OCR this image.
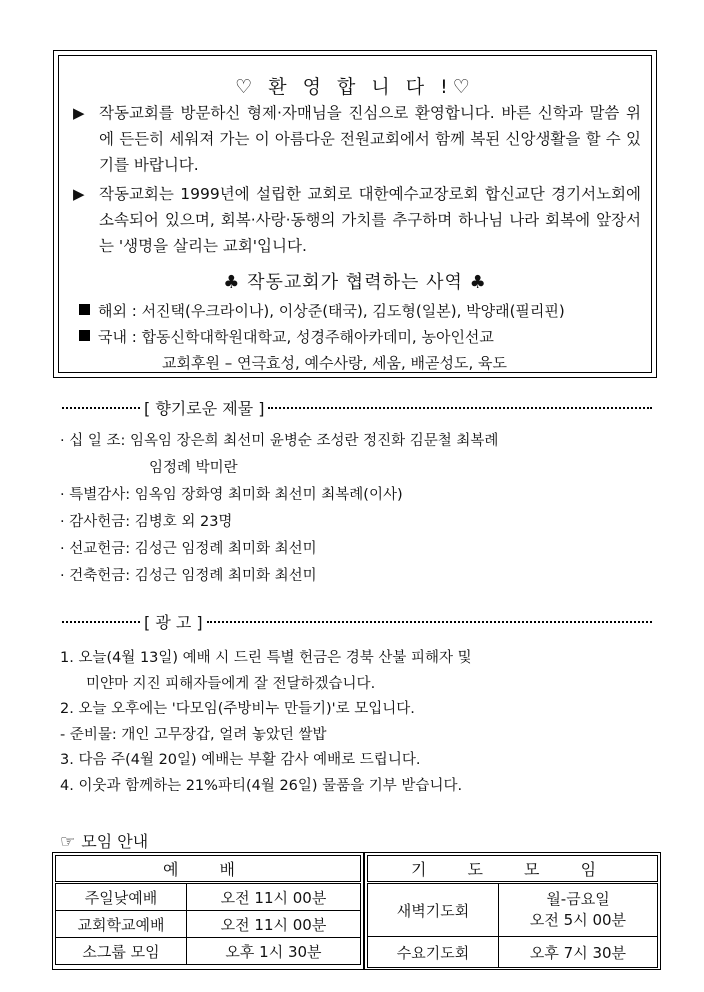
♡ 환 영 합 니 다 !♡
▶ 작동교회를 방문하신 형제·자매님을 진심으로 환영합니다. 바른 신학과 말씀 위에 든든히 세워져 가는 이 아름다운 전원교회에서 함께 복된 신앙생활을 할 수 있기를 바랍니다.
▶ 작동교회는 1999년에 설립한 교회로 대한예수교장로회 합신교단 경기서노회에 소속되어 있으며, 회복·사랑·동행의 가치를 추구하며 하나님 나라 회복에 앞장서는 '생명을 살리는 교회'입니다.
♣ 작동교회가 협력하는 사역 ♣
해외 : 서진택(우크라이나), 이상준(태국), 김도형(일본), 박양래(필리핀)
국내 : 합동신학대학원대학교, 성경주해아카데미, 농아인선교
교회후원 – 연극효성, 예수사랑, 세움, 배곧성도, 육도
[ 향기로운 제물 ]
· 십 일 조: 임옥임 장은희 최선미 윤병순 조성란 정진화 김문철 최복례
임정례 박미란
· 특별감사: 임옥임 장화영 최미화 최선미 최복례(이사)
· 감사헌금: 김병호 외 23명
· 선교헌금: 김성근 임정례 최미화 최선미
· 건축헌금: 김성근 임정례 최미화 최선미
[ 광 고 ]
1. 오늘(4월 13일) 예배 시 드린 특별 헌금은 경북 산불 피해자 및
미얀마 지진 피해자들에게 잘 전달하겠습니다.
2. 오늘 오후에는 '다모임(주방비누 만들기)'로 모입니다.
- 준비물: 개인 고무장갑, 얼려 놓았던 쌀밥
3. 다음 주(4월 20일) 예배는 부활 감사 예배로 드립니다.
4. 이웃과 함께하는 21%파티(4월 26일) 물품을 기부 받습니다.
☞ 모임 안내
예 배	
주일낮예배	오전 11시 00분
교회학교예배	오전 11시 00분
소그룹 모임	오후 1시 30분
기 도 모 임	
새벽기도회	월-금요일
오전 5시 00분

수요기도회	오후 7시 30분
